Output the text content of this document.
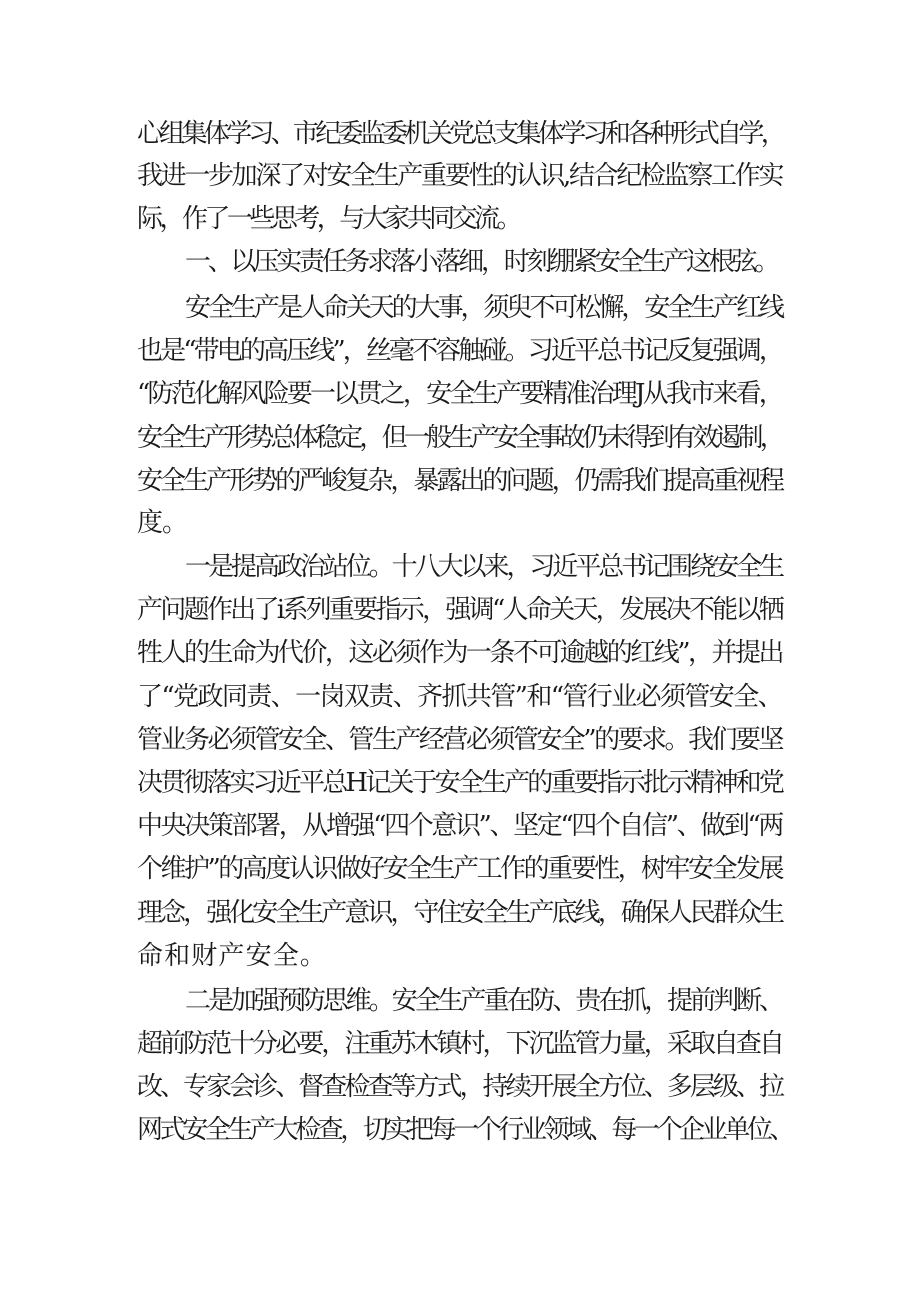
心组集体学习、市纪委监委机关党总支集体学习和各种形式自学，
我进一步加深了对安全生产重要性的认识,结合纪检监察工作实
际，作了一些思考，与大家共同交流。
一、以压实责任务求落小落细，时刻绷紧安全生产这根弦。
安全生产是人命关天的大事，须臾不可松懈，安全生产红线
也是“带电的高压线”，丝毫不容触碰。习近平总书记反复强调，
“防范化解风险要一以贯之，安全生产要精准治理J从我市来看，
安全生产形势总体稳定，但一般生产安全事故仍未得到有效遏制，
安全生产形势的严峻复杂，暴露出的问题，仍需我们提高重视程
度。
一是提高政治站位。十八大以来，习近平总书记围绕安全生
产问题作出了i系列重要指示，强调“人命关天，发展决不能以牺
牲人的生命为代价，这必须作为一条不可逾越的红线”，并提出
了“党政同责、一岗双责、齐抓共管”和“管行业必须管安全、
管业务必须管安全、管生产经营必须管安全”的要求。我们要坚
决贯彻落实习近平总H记关于安全生产的重要指示批示精神和党
中央决策部署，从增强“四个意识”、坚定“四个自信”、做到“两
个维护”的高度认识做好安全生产工作的重要性，树牢安全发展
理念，强化安全生产意识，守住安全生产底线，确保人民群众生
命和财产安全。
二是加强预防思维。安全生产重在防、贵在抓，提前判断、
超前防范十分必要，注重苏木镇村，下沉监管力量，采取自查自
改、专家会诊、督查检查等方式，持续开展全方位、多层级、拉
网式安全生产大检查，切实把每一个行业领域、每一个企业单位、
